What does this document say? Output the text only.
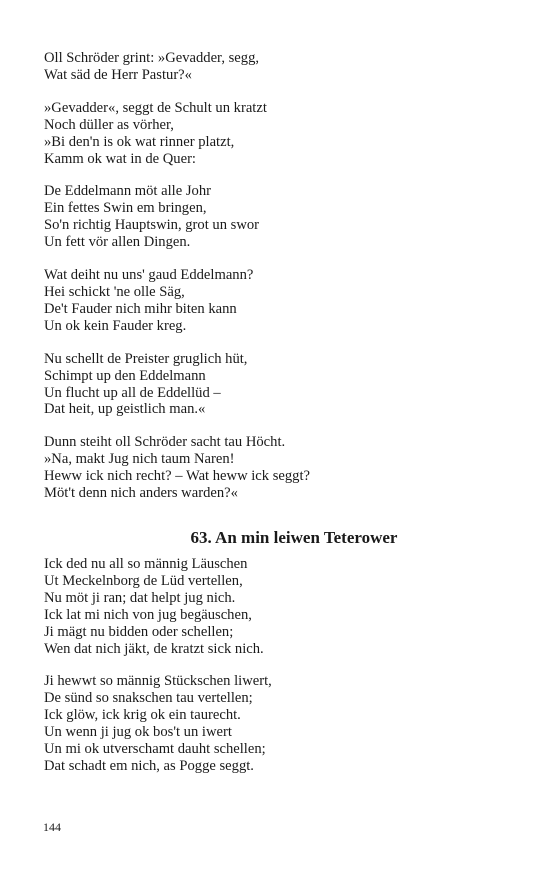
Oll Schröder grint: »Gevadder, segg,
Wat säd de Herr Pastur?«
»Gevadder«, seggt de Schult un kratzt
Noch düller as vörher,
»Bi den'n is ok wat rinner platzt,
Kamm ok wat in de Quer:
De Eddelmann möt alle Johr
Ein fettes Swin em bringen,
So'n richtig Hauptswin, grot un swor
Un fett vör allen Dingen.
Wat deiht nu uns' gaud Eddelmann?
Hei schickt 'ne olle Säg,
De't Fauder nich mihr biten kann
Un ok kein Fauder kreg.
Nu schellt de Preister gruglich hüt,
Schimpt up den Eddelmann
Un flucht up all de Eddellüd –
Dat heit, up geistlich man.«
Dunn steiht oll Schröder sacht tau Höcht.
»Na, makt Jug nich taum Naren!
Heww ick nich recht? – Wat heww ick seggt?
Möt't denn nich anders warden?«
63. An min leiwen Teterower
Ick ded nu all so männig Läuschen
Ut Meckelnborg de Lüd vertellen,
Nu möt ji ran; dat helpt jug nich.
Ick lat mi nich von jug begäuschen,
Ji mägt nu bidden oder schellen;
Wen dat nich jäkt, de kratzt sick nich.
Ji hewwt so männig Stückschen liwert,
De sünd so snakschen tau vertellen;
Ick glöw, ick krig ok ein taurecht.
Un wenn ji jug ok bos't un iwert
Un mi ok utverschamt dauht schellen;
Dat schadt em nich, as Pogge seggt.
144
